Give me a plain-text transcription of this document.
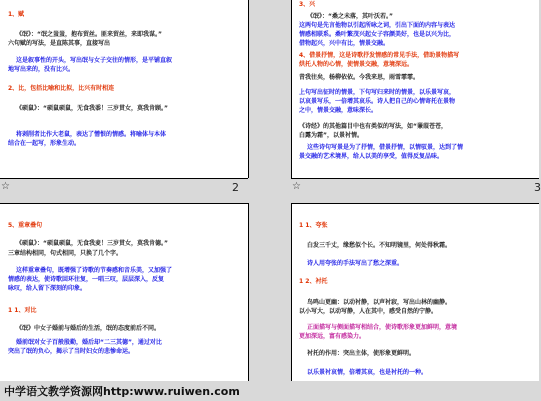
1、赋

《氓》：“氓之蚩蚩，抱布贸丝。匪来贸丝，来即我谋。”

六句赋的写法，是直陈其事，直接写出

这是叙事性的开头，写出氓与女子交往的情形，是平铺直叙

地写出来的，没有比兴。

2、比，包括比喻和比拟，比兴有时相连

《硕鼠》：“硕鼠硕鼠，无食我黍！三岁贯女，莫我肯顾。”

将剥削者比作大老鼠，表达了憎恨的情感。将喻体与本体

结合在一起写，形象生动。

☆	2

3、兴

《氓》：“桑之未落，其叶沃若。”

这两句是先言他物以引起所咏之词，引出下面的内容与表达

情感相联系。桑叶繁茂兴起女子容颜美好，也是以兴为比，

借物起兴，兴中有比，情景交融。

4、借景抒情，这是诗歌抒发情感的常见手法，借助景物描写

烘托人物的心情，使情景交融，意境深远。

昔我往矣，杨柳依依。今我来思，雨雪霏霏。

上句写出征时的情景，下句写归来时的情景，以乐景写哀，

以哀景写乐，一倍增其哀乐。诗人把自己的心情寄托在景物

之中，情景交融，意味深长。

《诗经》的其他篇目中也有类似的写法，如“蒹葭苍苍，

白露为霜”，以景衬情。

这些诗句写景是为了抒情，借景抒情，以情驭景，达到了情

景交融的艺术境界，给人以美的享受，值得反复品味。

☆	3

5、重章叠句

《硕鼠》：“硕鼠硕鼠，无食我麦！三岁贯女，莫我肯德。”

三章结构相同，句式相同，只换了几个字。

这样重章叠句，既增强了诗歌的节奏感和音乐美，又加强了

情感的表达，使诗歌回环往复，一唱三叹，层层深入，反复

咏叹，给人留下深刻的印象。

1 1、对比

《氓》中女子婚前与婚后的生活，氓的态度前后不同。

婚前氓对女子百般殷勤，婚后却“二三其德”，通过对比

突出了氓的负心，揭示了当时妇女的悲惨命运。

1 1、夸张

白发三千丈，缘愁似个长。不知明镜里，何处得秋霜。

诗人用夸张的手法写出了愁之深重。

1 2、衬托

鸟鸣山更幽：以动衬静，以声衬寂，写出山林的幽静。

以小写大，以动写静，人在其中，感受自然的宁静。

正面描写与侧面描写相结合，使诗歌形象更加鲜明，意境

更加深远，富有感染力。

衬托的作用：突出主体，使形象更鲜明。

以乐景衬哀情，倍增其哀，也是衬托的一种。

中学语文教学资源网http:www.ruiwen.com
